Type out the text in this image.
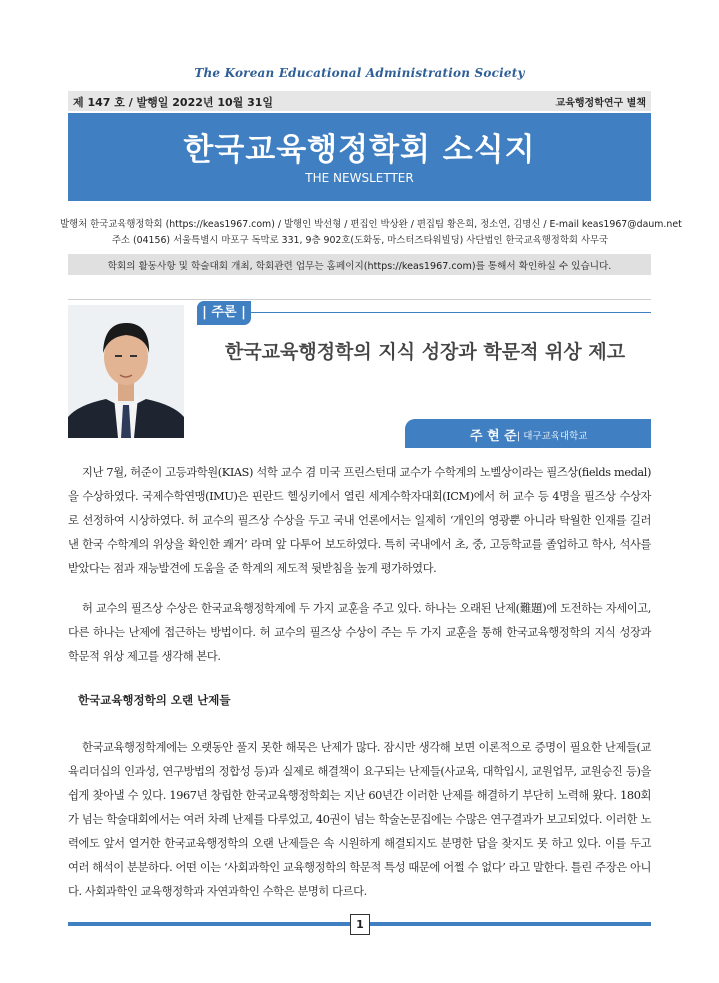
The Korean Educational Administration Society
제 147 호 / 발행일 2022년 10월 31일	교육행정학연구 별책
한국교육행정학회 소식지
THE NEWSLETTER
발행처 한국교육행정학회 (https://keas1967.com) / 발행인 박선형 / 편집인 박상완 / 편집팀 황은희, 정소연, 김명신 / E-mail keas1967@daum.net
주소 (04156) 서울특별시 마포구 독막로 331, 9층 902호(도화동, 마스터즈타워빌딩) 사단법인 한국교육행정학회 사무국
학회의 활동사항 및 학술대회 개최, 학회관련 업무는 홈페이지(https://keas1967.com)를 통해서 확인하실 수 있습니다.
| 주론 |
한국교육행정학의 지식 성장과 학문적 위상 제고
주 현 준 | 대구교육대학교
지난 7월, 허준이 고등과학원(KIAS) 석학 교수 겸 미국 프린스턴대 교수가 수학계의 노벨상이라는 필즈상(fields medal)을 수상하였다. 국제수학연맹(IMU)은 핀란드 헬싱키에서 열린 세계수학자대회(ICM)에서 허 교수 등 4명을 필즈상 수상자로 선정하여 시상하였다. 허 교수의 필즈상 수상을 두고 국내 언론에서는 일제히 ‘개인의 영광뿐 아니라 탁월한 인재를 길러낸 한국 수학계의 위상을 확인한 쾌거’ 라며 앞 다투어 보도하였다. 특히 국내에서 초, 중, 고등학교를 졸업하고 학사, 석사를 받았다는 점과 재능발견에 도움을 준 학계의 제도적 뒷받침을 높게 평가하였다.
허 교수의 필즈상 수상은 한국교육행정학계에 두 가지 교훈을 주고 있다. 하나는 오래된 난제(難題)에 도전하는 자세이고, 다른 하나는 난제에 접근하는 방법이다. 허 교수의 필즈상 수상이 주는 두 가지 교훈을 통해 한국교육행정학의 지식 성장과 학문적 위상 제고를 생각해 본다.
한국교육행정학의 오랜 난제들
한국교육행정학계에는 오랫동안 풀지 못한 해묵은 난제가 많다. 잠시만 생각해 보면 이론적으로 증명이 필요한 난제들(교육리더십의 인과성, 연구방법의 정합성 등)과 실제로 해결책이 요구되는 난제들(사교육, 대학입시, 교원업무, 교원승진 등)을 쉽게 찾아낼 수 있다. 1967년 창립한 한국교육행정학회는 지난 60년간 이러한 난제를 해결하기 부단히 노력해 왔다. 180회가 넘는 학술대회에서는 여러 차례 난제를 다루었고, 40권이 넘는 학술논문집에는 수많은 연구결과가 보고되었다. 이러한 노력에도 앞서 열거한 한국교육행정학의 오랜 난제들은 속 시원하게 해결되지도 분명한 답을 찾지도 못 하고 있다. 이를 두고 여러 해석이 분분하다. 어떤 이는 ‘사회과학인 교육행정학의 학문적 특성 때문에 어쩔 수 없다’ 라고 말한다. 틀린 주장은 아니다. 사회과학인 교육행정학과 자연과학인 수학은 분명히 다르다.
1
